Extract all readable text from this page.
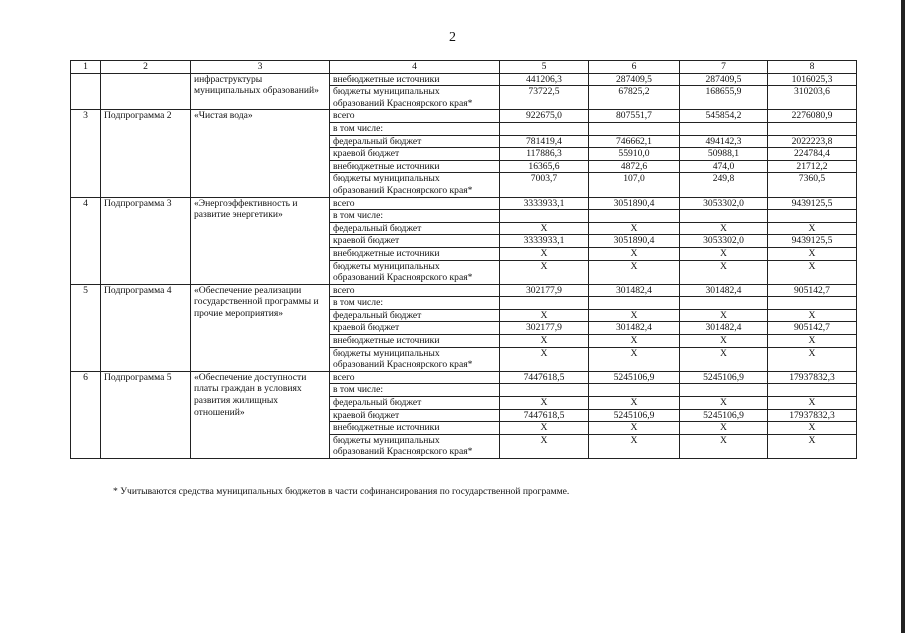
2
1	2	3	4	5	6	7	8

		инфраструктуры
муниципальных образований»	внебюджетные источники	441206,3	287409,5	287409,5	1016025,3

			бюджеты муниципальных
образований Красноярского края*	73722,5	67825,2	168655,9	310203,6
3	Подпрограмма 2	«Чистая вода»	всего	922675,0	807551,7	545854,2	2276080,9
			в том числе:				
			федеральный бюджет	781419,4	746662,1	494142,3	2022223,8
			краевой бюджет	117886,3	55910,0	50988,1	224784,4
			внебюджетные источники	16365,6	4872,6	474,0	21712,2

			бюджеты муниципальных
образований Красноярского края*	7003,7	107,0	249,8	7360,5
4	Подпрограмма 3	«Энергоэффективность и
развитие энергетики»	всего	3333933,1	3051890,4	3053302,0	9439125,5
			в том числе:				
			федеральный бюджет	Х	Х	Х	Х
			краевой бюджет	3333933,1	3051890,4	3053302,0	9439125,5
			внебюджетные источники	Х	Х	Х	Х

			бюджеты муниципальных
образований Красноярского края*	Х	Х	Х	Х
5	Подпрограмма 4	«Обеспечение реализации
государственной программы и
прочие мероприятия»	всего	302177,9	301482,4	301482,4	905142,7
			в том числе:				
			федеральный бюджет	Х	Х	Х	Х
			краевой бюджет	302177,9	301482,4	301482,4	905142,7
			внебюджетные источники	Х	Х	Х	Х

			бюджеты муниципальных
образований Красноярского края*	Х	Х	Х	Х
6	Подпрограмма 5	«Обеспечение доступности
платы граждан в условиях
развития жилищных
отношений»	всего	7447618,5	5245106,9	5245106,9	17937832,3
			в том числе:				
			федеральный бюджет	Х	Х	Х	Х
			краевой бюджет	7447618,5	5245106,9	5245106,9	17937832,3
			внебюджетные источники	Х	Х	Х	Х

			бюджеты муниципальных
образований Красноярского края*	Х	Х	Х	Х
* Учитываются средства муниципальных бюджетов в части софинансирования по государственной программе.
